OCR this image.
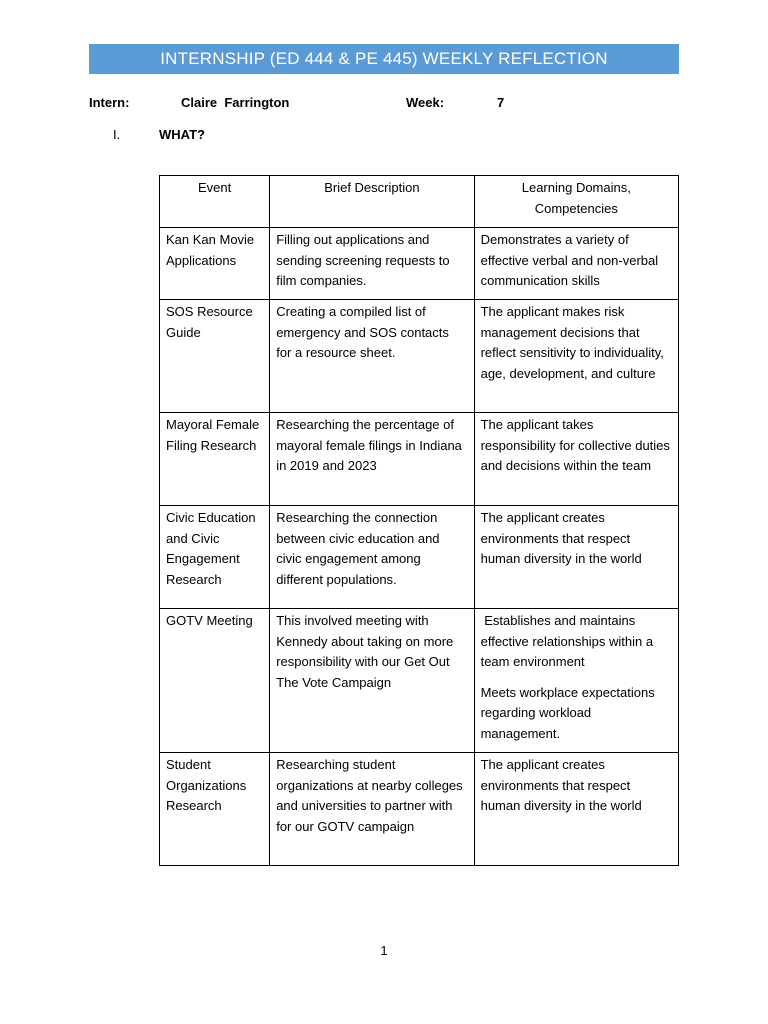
INTERNSHIP (ED 444 & PE 445) WEEKLY REFLECTION
Intern:	Claire  Farrington	Week:	7
I.	WHAT?
Event	Brief Description	Learning Domains, Competencies
Kan Kan Movie Applications	Filling out applications and sending screening requests to film companies.	Demonstrates a variety of effective verbal and non-verbal communication skills
SOS Resource Guide	Creating a compiled list of emergency and SOS contacts for a resource sheet.	The applicant makes risk management decisions that reflect sensitivity to individuality, age, development, and culture
Mayoral Female Filing Research	Researching the percentage of mayoral female filings in Indiana in 2019 and 2023	The applicant takes responsibility for collective duties and decisions within the team
Civic Education and Civic Engagement Research	Researching the connection between civic education and civic engagement among different populations.	The applicant creates environments that respect human diversity in the world
GOTV Meeting	This involved meeting with Kennedy about taking on more responsibility with our Get Out The Vote Campaign	Establishes and maintains effective relationships within a team environment
Meets workplace expectations regarding workload management.

Student Organizations Research	Researching student organizations at nearby colleges and universities to partner with for our GOTV campaign	The applicant creates environments that respect human diversity in the world
1
